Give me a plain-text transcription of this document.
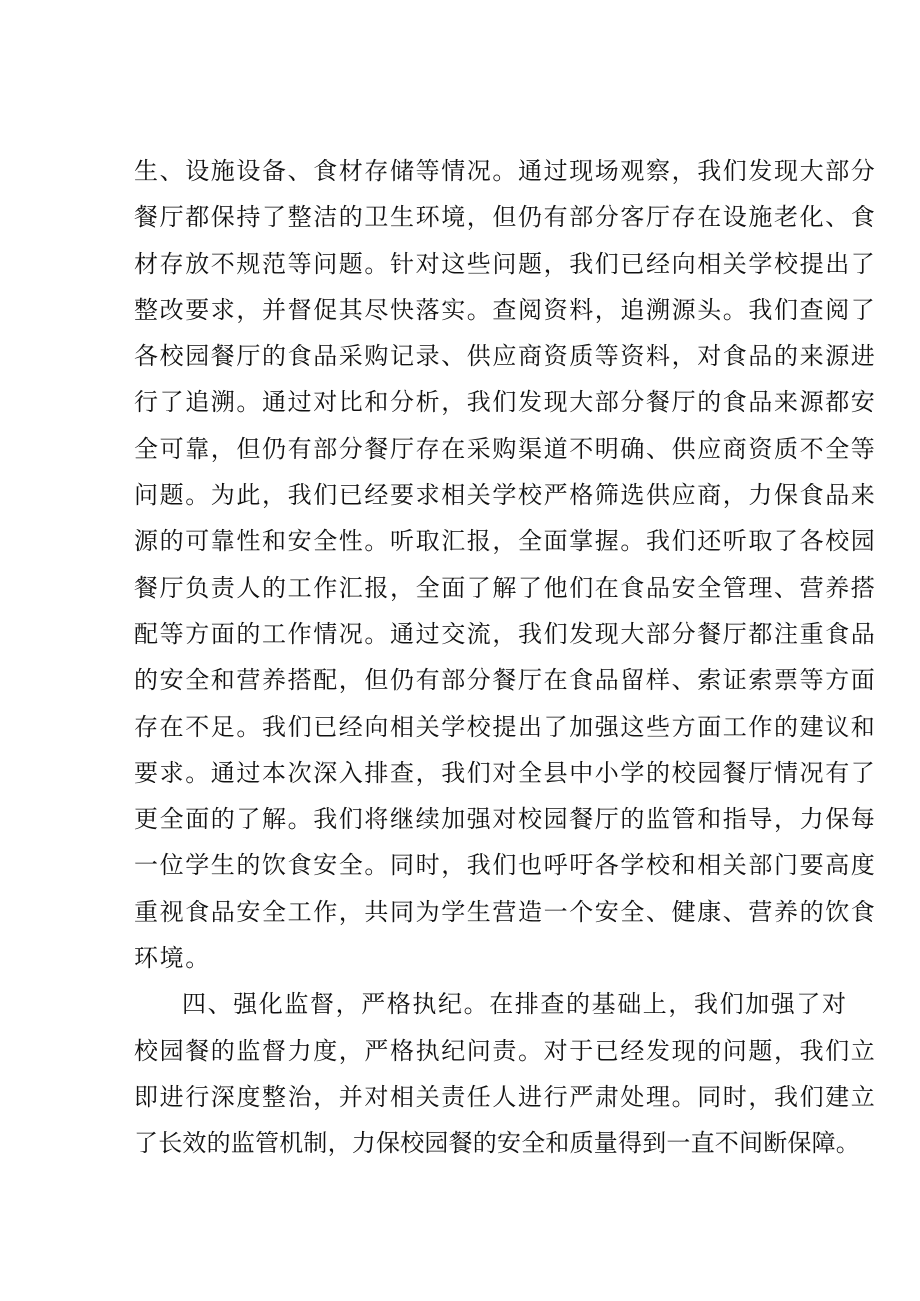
生、设施设备、食材存储等情况。通过现场观察，我们发现大部分
餐厅都保持了整洁的卫生环境，但仍有部分客厅存在设施老化、食
材存放不规范等问题。针对这些问题，我们已经向相关学校提出了
整改要求，并督促其尽快落实。查阅资料，追溯源头。我们查阅了
各校园餐厅的食品采购记录、供应商资质等资料，对食品的来源进
行了追溯。通过对比和分析，我们发现大部分餐厅的食品来源都安
全可靠，但仍有部分餐厅存在采购渠道不明确、供应商资质不全等
问题。为此，我们已经要求相关学校严格筛选供应商，力保食品来
源的可靠性和安全性。听取汇报，全面掌握。我们还听取了各校园
餐厅负责人的工作汇报，全面了解了他们在食品安全管理、营养搭
配等方面的工作情况。通过交流，我们发现大部分餐厅都注重食品
的安全和营养搭配，但仍有部分餐厅在食品留样、索证索票等方面
存在不足。我们已经向相关学校提出了加强这些方面工作的建议和
要求。通过本次深入排查，我们对全县中小学的校园餐厅情况有了
更全面的了解。我们将继续加强对校园餐厅的监管和指导，力保每
一位学生的饮食安全。同时，我们也呼吁各学校和相关部门要高度
重视食品安全工作，共同为学生营造一个安全、健康、营养的饮食
环境。
四、强化监督，严格执纪。在排查的基础上，我们加强了对
校园餐的监督力度，严格执纪问责。对于已经发现的问题，我们立
即进行深度整治，并对相关责任人进行严肃处理。同时，我们建立
了长效的监管机制，力保校园餐的安全和质量得到一直不间断保障。
